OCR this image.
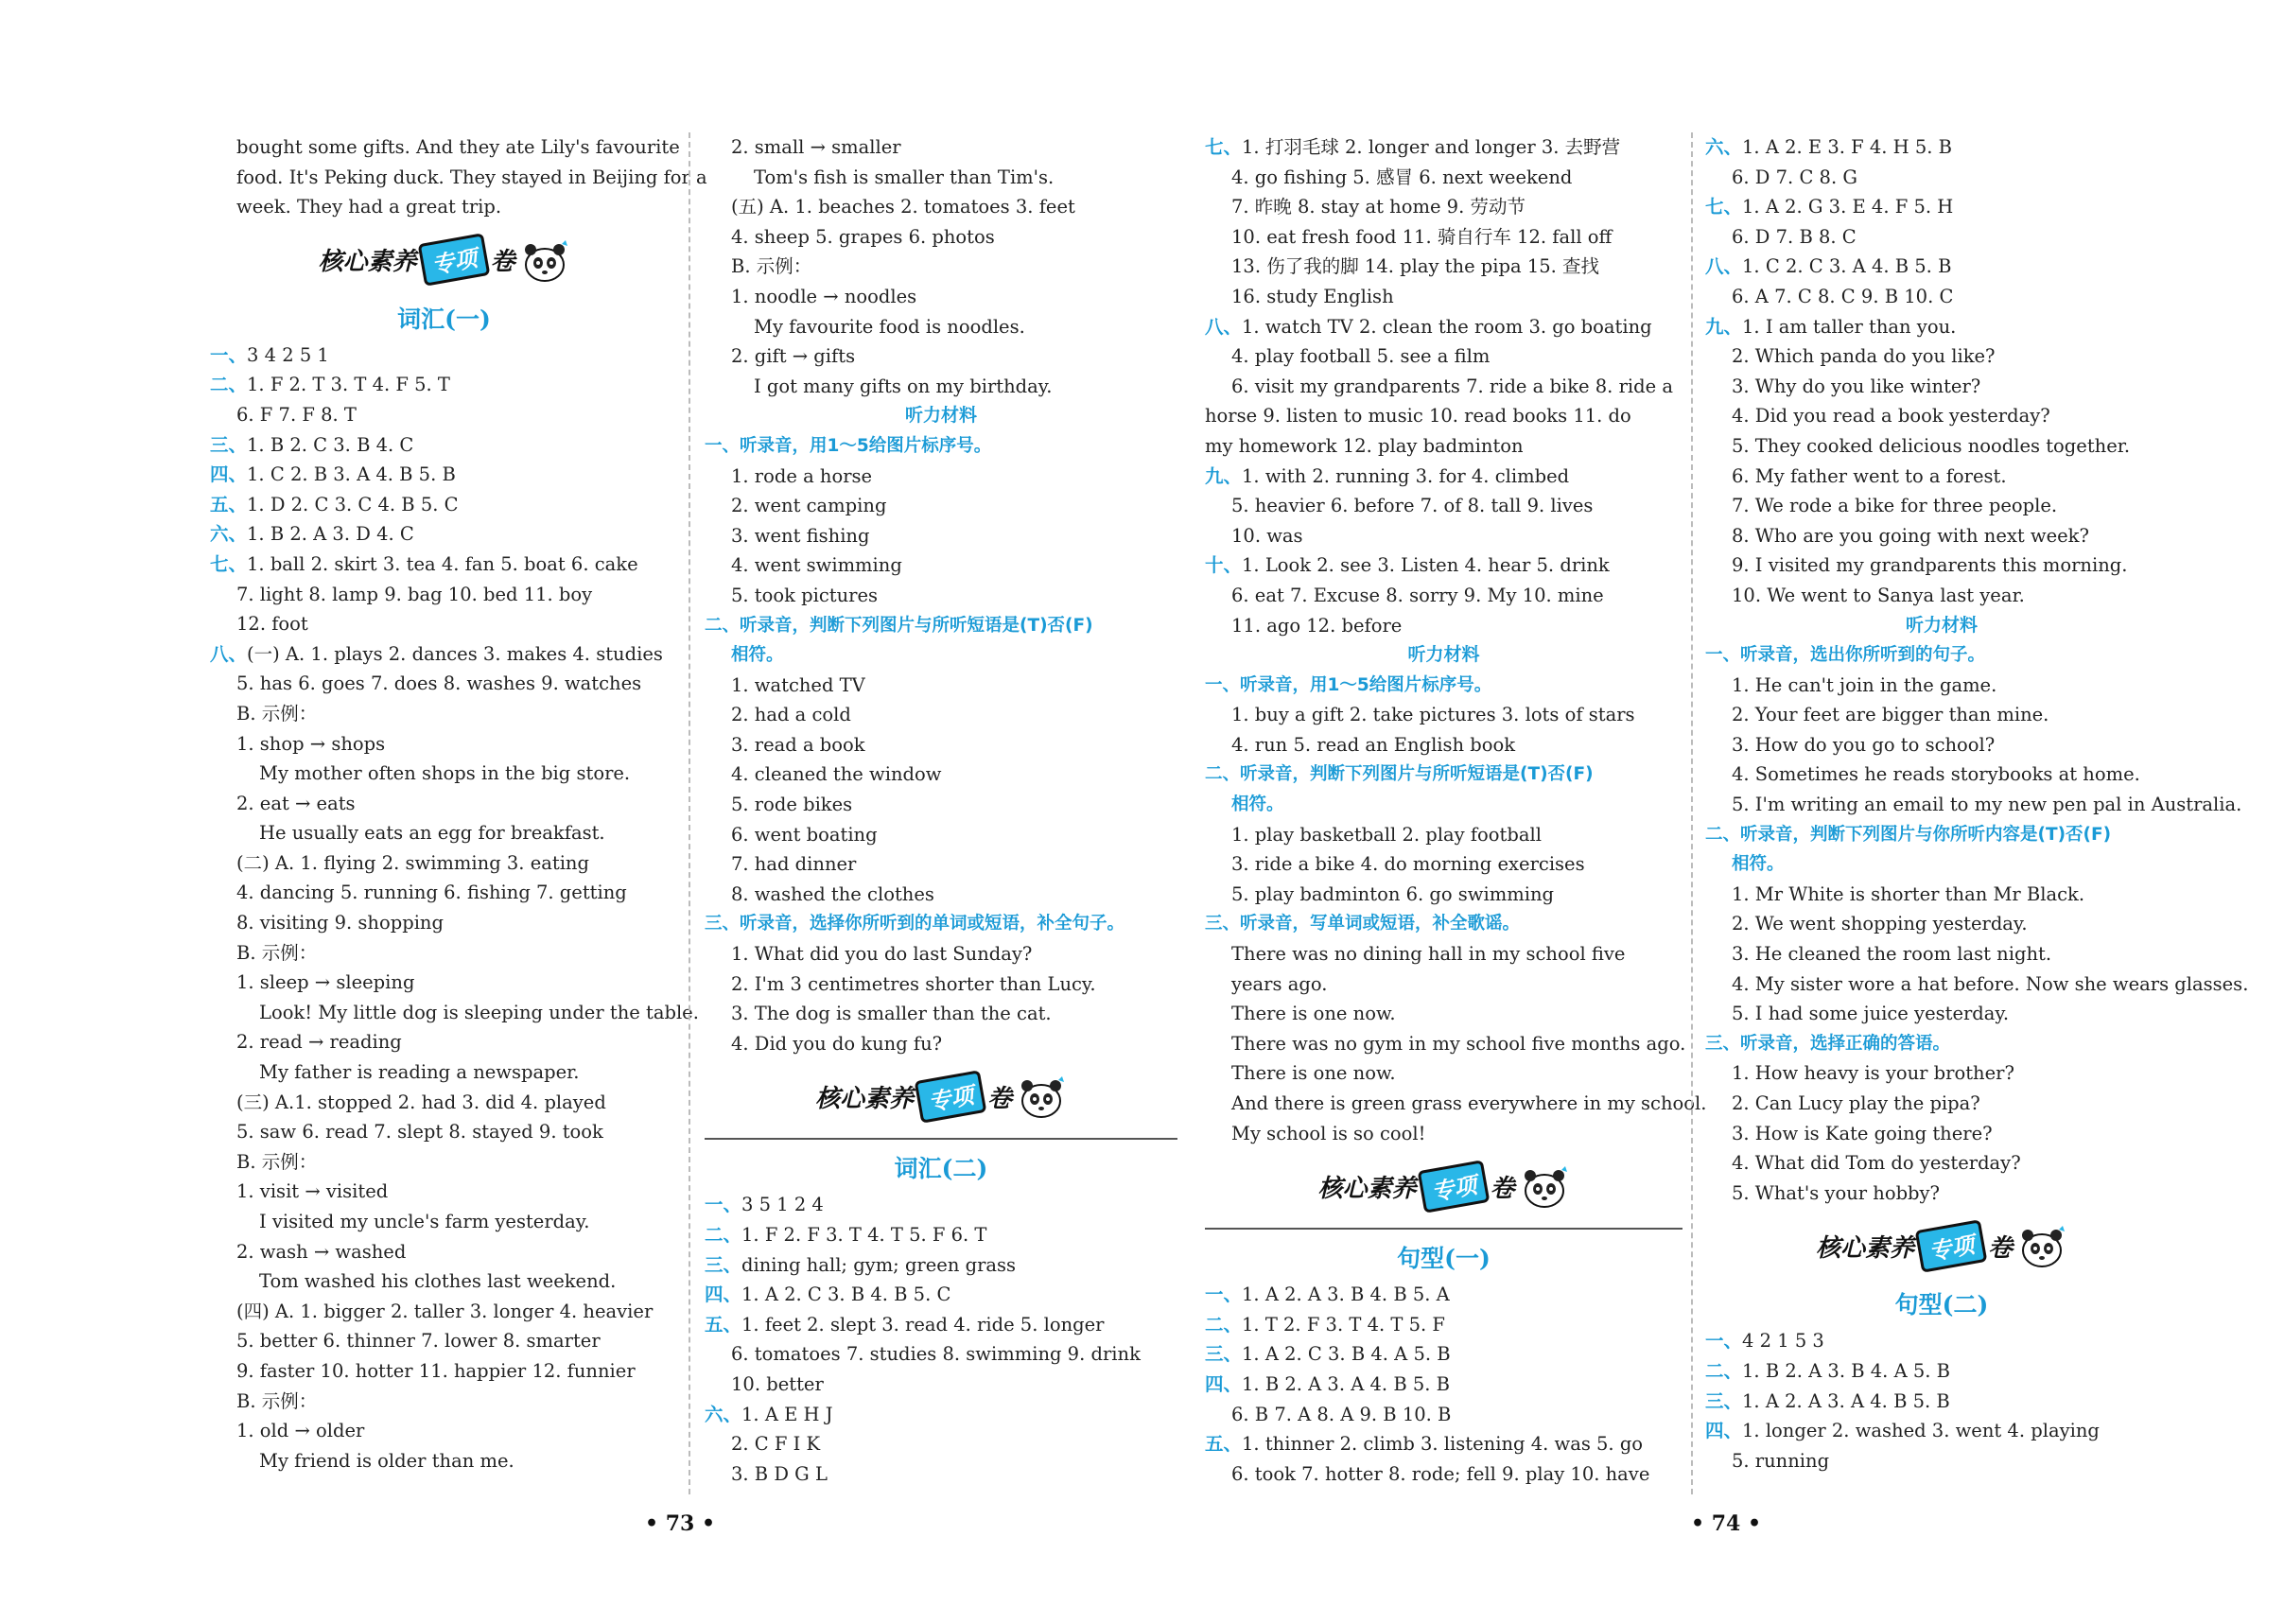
bought some gifts. And they ate Lily's favourite
food. It's Peking duck. They stayed in Beijing for a
week. They had a great trip.
核心素养 专项 卷
词汇(一)
一、3 4 2 5 1
二、1. F 2. T 3. T 4. F 5. T
6. F 7. F 8. T
三、1. B 2. C 3. B 4. C
四、1. C 2. B 3. A 4. B 5. B
五、1. D 2. C 3. C 4. B 5. C
六、1. B 2. A 3. D 4. C
七、1. ball 2. skirt 3. tea 4. fan 5. boat 6. cake
7. light 8. lamp 9. bag 10. bed 11. boy
12. foot
八、(一) A. 1. plays 2. dances 3. makes 4. studies
5. has 6. goes 7. does 8. washes 9. watches
B. 示例：
1. shop → shops
My mother often shops in the big store.
2. eat → eats
He usually eats an egg for breakfast.
(二) A. 1. flying 2. swimming 3. eating
4. dancing 5. running 6. fishing 7. getting
8. visiting 9. shopping
B. 示例：
1. sleep → sleeping
Look! My little dog is sleeping under the table.
2. read → reading
My father is reading a newspaper.
(三) A.1. stopped 2. had 3. did 4. played
5. saw 6. read 7. slept 8. stayed 9. took
B. 示例：
1. visit → visited
I visited my uncle's farm yesterday.
2. wash → washed
Tom washed his clothes last weekend.
(四) A. 1. bigger 2. taller 3. longer 4. heavier
5. better 6. thinner 7. lower 8. smarter
9. faster 10. hotter 11. happier 12. funnier
B. 示例：
1. old → older
My friend is older than me.
2. small → smaller
Tom's fish is smaller than Tim's.
(五) A. 1. beaches 2. tomatoes 3. feet
4. sheep 5. grapes 6. photos
B. 示例：
1. noodle → noodles
My favourite food is noodles.
2. gift → gifts
I got many gifts on my birthday.
听力材料
一、听录音，用1～5给图片标序号。
1. rode a horse
2. went camping
3. went fishing
4. went swimming
5. took pictures
二、听录音，判断下列图片与所听短语是(T)否(F)
相符。
1. watched TV
2. had a cold
3. read a book
4. cleaned the window
5. rode bikes
6. went boating
7. had dinner
8. washed the clothes
三、听录音，选择你所听到的单词或短语，补全句子。
1. What did you do last Sunday?
2. I'm 3 centimetres shorter than Lucy.
3. The dog is smaller than the cat.
4. Did you do kung fu?
核心素养 专项 卷
词汇(二)
一、3 5 1 2 4
二、1. F 2. F 3. T 4. T 5. F 6. T
三、dining hall; gym; green grass
四、1. A 2. C 3. B 4. B 5. C
五、1. feet 2. slept 3. read 4. ride 5. longer
6. tomatoes 7. studies 8. swimming 9. drink
10. better
六、1. A E H J
2. C F I K
3. B D G L
• 73 •
七、1. 打羽毛球 2. longer and longer 3. 去野营
4. go fishing 5. 感冒 6. next weekend
7. 昨晚 8. stay at home 9. 劳动节
10. eat fresh food 11. 骑自行车 12. fall off
13. 伤了我的脚 14. play the pipa 15. 查找
16. study English
八、1. watch TV 2. clean the room 3. go boating
4. play football 5. see a film
6. visit my grandparents 7. ride a bike 8. ride a
horse 9. listen to music 10. read books 11. do
my homework 12. play badminton
九、1. with 2. running 3. for 4. climbed
5. heavier 6. before 7. of 8. tall 9. lives
10. was
十、1. Look 2. see 3. Listen 4. hear 5. drink
6. eat 7. Excuse 8. sorry 9. My 10. mine
11. ago 12. before
听力材料
一、听录音，用1～5给图片标序号。
1. buy a gift 2. take pictures 3. lots of stars
4. run 5. read an English book
二、听录音，判断下列图片与所听短语是(T)否(F)
相符。
1. play basketball 2. play football
3. ride a bike 4. do morning exercises
5. play badminton 6. go swimming
三、听录音，写单词或短语，补全歌谣。
There was no dining hall in my school five
years ago.
There is one now.
There was no gym in my school five months ago.
There is one now.
And there is green grass everywhere in my school.
My school is so cool!
核心素养 专项 卷
句型(一)
一、1. A 2. A 3. B 4. B 5. A
二、1. T 2. F 3. T 4. T 5. F
三、1. A 2. C 3. B 4. A 5. B
四、1. B 2. A 3. A 4. B 5. B
6. B 7. A 8. A 9. B 10. B
五、1. thinner 2. climb 3. listening 4. was 5. go
6. took 7. hotter 8. rode; fell 9. play 10. have
六、1. A 2. E 3. F 4. H 5. B
6. D 7. C 8. G
七、1. A 2. G 3. E 4. F 5. H
6. D 7. B 8. C
八、1. C 2. C 3. A 4. B 5. B
6. A 7. C 8. C 9. B 10. C
九、1. I am taller than you.
2. Which panda do you like?
3. Why do you like winter?
4. Did you read a book yesterday?
5. They cooked delicious noodles together.
6. My father went to a forest.
7. We rode a bike for three people.
8. Who are you going with next week?
9. I visited my grandparents this morning.
10. We went to Sanya last year.
听力材料
一、听录音，选出你所听到的句子。
1. He can't join in the game.
2. Your feet are bigger than mine.
3. How do you go to school?
4. Sometimes he reads storybooks at home.
5. I'm writing an email to my new pen pal in Australia.
二、听录音，判断下列图片与你所听内容是(T)否(F)
相符。
1. Mr White is shorter than Mr Black.
2. We went shopping yesterday.
3. He cleaned the room last night.
4. My sister wore a hat before. Now she wears glasses.
5. I had some juice yesterday.
三、听录音，选择正确的答语。
1. How heavy is your brother?
2. Can Lucy play the pipa?
3. How is Kate going there?
4. What did Tom do yesterday?
5. What's your hobby?
核心素养 专项 卷
句型(二)
一、4 2 1 5 3
二、1. B 2. A 3. B 4. A 5. B
三、1. A 2. A 3. A 4. B 5. B
四、1. longer 2. washed 3. went 4. playing
5. running
• 74 •
